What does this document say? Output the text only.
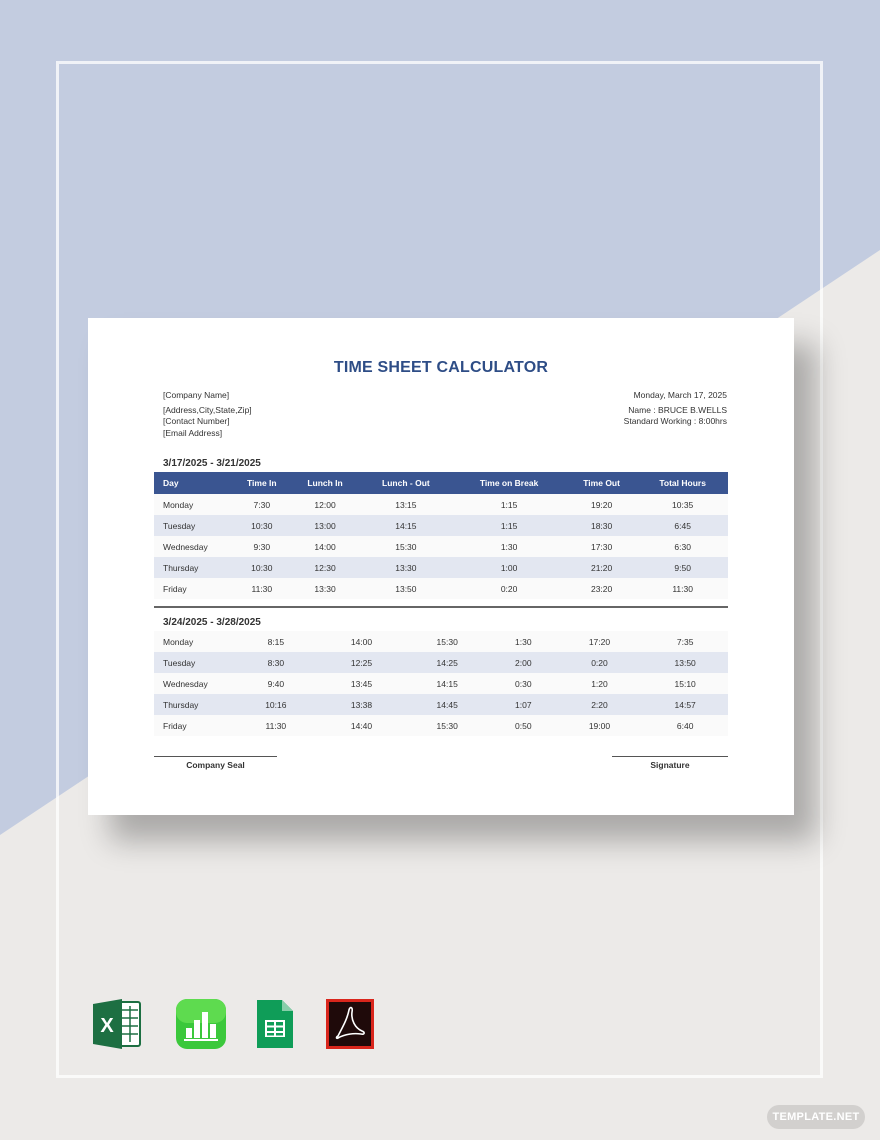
TIME SHEET CALCULATOR
[Company Name]
[Address,City,State,Zip]
[Contact Number]
[Email Address]
Monday, March 17, 2025
Name : BRUCE B.WELLS
Standard Working : 8:00hrs
3/17/2025 - 3/21/2025
Day	Time In	Lunch In	Lunch - Out	Time on Break	Time Out	Total Hours
Monday	7:30	12:00	13:15	1:15	19:20	10:35
Tuesday	10:30	13:00	14:15	1:15	18:30	6:45
Wednesday	9:30	14:00	15:30	1:30	17:30	6:30
Thursday	10:30	12:30	13:30	1:00	21:20	9:50
Friday	11:30	13:30	13:50	0:20	23:20	11:30
3/24/2025 - 3/28/2025
Monday	8:15	14:00	15:30	1:30	17:20	7:35
Tuesday	8:30	12:25	14:25	2:00	0:20	13:50
Wednesday	9:40	13:45	14:15	0:30	1:20	15:10
Thursday	10:16	13:38	14:45	1:07	2:20	14:57
Friday	11:30	14:40	15:30	0:50	19:00	6:40
Company Seal	Signature
X
TEMPLATE.NET
